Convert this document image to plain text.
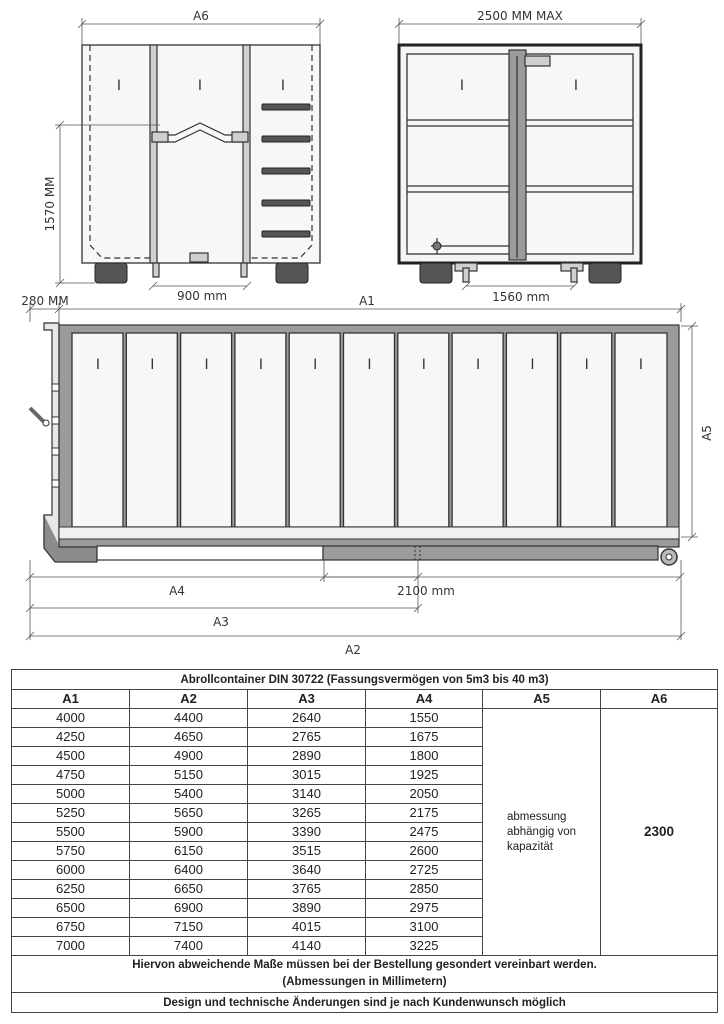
A6
I	I	I
1570 MM
900 mm
2500 MM MAX
I	I
1560 mm
280 MM	A1
A5
I	I	I	I	I	I	I	I	I	I	I
A4	2100 mm
A3
A2
Abrollcontainer DIN 30722 (Fassungsvermögen von 5m3 bis 40 m3)					
A1	A2	A3	A4	A5	A6
4000	4400	2640	1550	abmessung
abhängig von
kapazität	2300
4250	4650	2765	1675		
4500	4900	2890	1800		
4750	5150	3015	1925		
5000	5400	3140	2050		
5250	5650	3265	2175		
5500	5900	3390	2475		
5750	6150	3515	2600		
6000	6400	3640	2725		
6250	6650	3765	2850		
6500	6900	3890	2975		
6750	7150	4015	3100		
7000	7400	4140	3225		

Hiervon abweichende Maße müssen bei der Bestellung gesondert vereinbart werden.
(Abmessungen in Millimetern)					

Design und technische Änderungen sind je nach Kundenwunsch möglich					
